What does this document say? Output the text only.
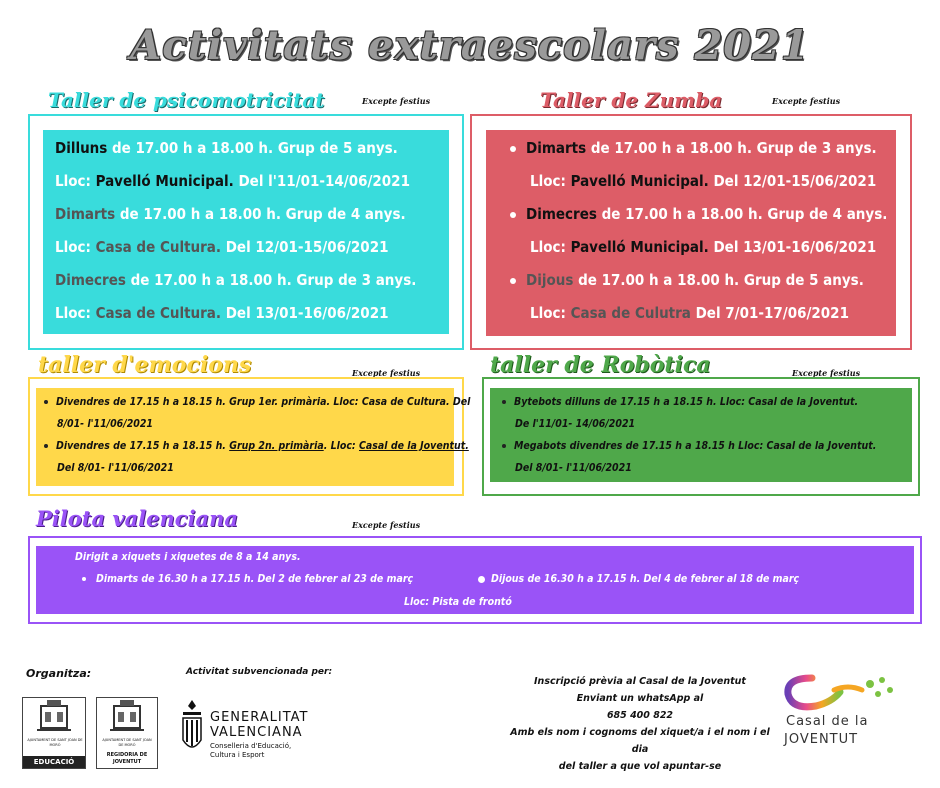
Activitats extraescolars 2021
Taller de psicomotricitat	Excepte festius
Dilluns de 17.00 h a 18.00 h. Grup de 5 anys.
Lloc: Pavelló Municipal. Del l'11/01-14/06/2021
Dimarts de 17.00 h a 18.00 h. Grup de 4 anys.
Lloc: Casa de Cultura. Del 12/01-15/06/2021
Dimecres de 17.00 h a 18.00 h. Grup de 3 anys.
Lloc: Casa de Cultura. Del 13/01-16/06/2021
Taller de Zumba	Excepte festius
Dimarts de 17.00 h a 18.00 h. Grup de 3 anys.
Lloc: Pavelló Municipal. Del 12/01-15/06/2021
Dimecres de 17.00 h a 18.00 h. Grup de 4 anys.
Lloc: Pavelló Municipal. Del 13/01-16/06/2021
Dijous de 17.00 h a 18.00 h. Grup de 5 anys.
Lloc: Casa de Culutra Del 7/01-17/06/2021
taller d'emocions	Excepte festius
Divendres de 17.15 h a 18.15 h. Grup 1er. primària. Lloc: Casa de Cultura. Del
8/01- l'11/06/2021
Divendres de 17.15 h a 18.15 h. Grup 2n. primària. Lloc: Casal de la Joventut.
Del 8/01- l'11/06/2021
taller de Robòtica	Excepte festius
Bytebots dilluns de 17.15 h a 18.15 h. Lloc: Casal de la Joventut.
De l'11/01- 14/06/2021
Megabots divendres de 17.15 h a 18.15 h Lloc: Casal de la Joventut.
Del 8/01- l'11/06/2021
Pilota valenciana	Excepte festius
Dirigit a xiquets i xiquetes de 8 a 14 anys.
Dimarts de 16.30 h a 17.15 h. Del 2 de febrer al 23 de març	Dijous de 16.30 h a 17.15 h. Del 4 de febrer al 18 de març
Lloc: Pista de frontó
Organitza:	Activitat subvencionada per:
AJUNTAMENT DE SANT JOAN DE MORÓ
EDUCACIÓ
AJUNTAMENT DE SANT JOAN DE MORÓ
REGIDORIA DE
JOVENTUT
GENERALITAT
VALENCIANA
Conselleria d'Educació,
Cultura i Esport
Inscripció prèvia al Casal de la Joventut
Enviant un whatsApp al
685 400 822
Amb els nom i cognoms del xiquet/a i el nom i el dia
del taller a que vol apuntar-se
Casal de la
JOVENTUT
